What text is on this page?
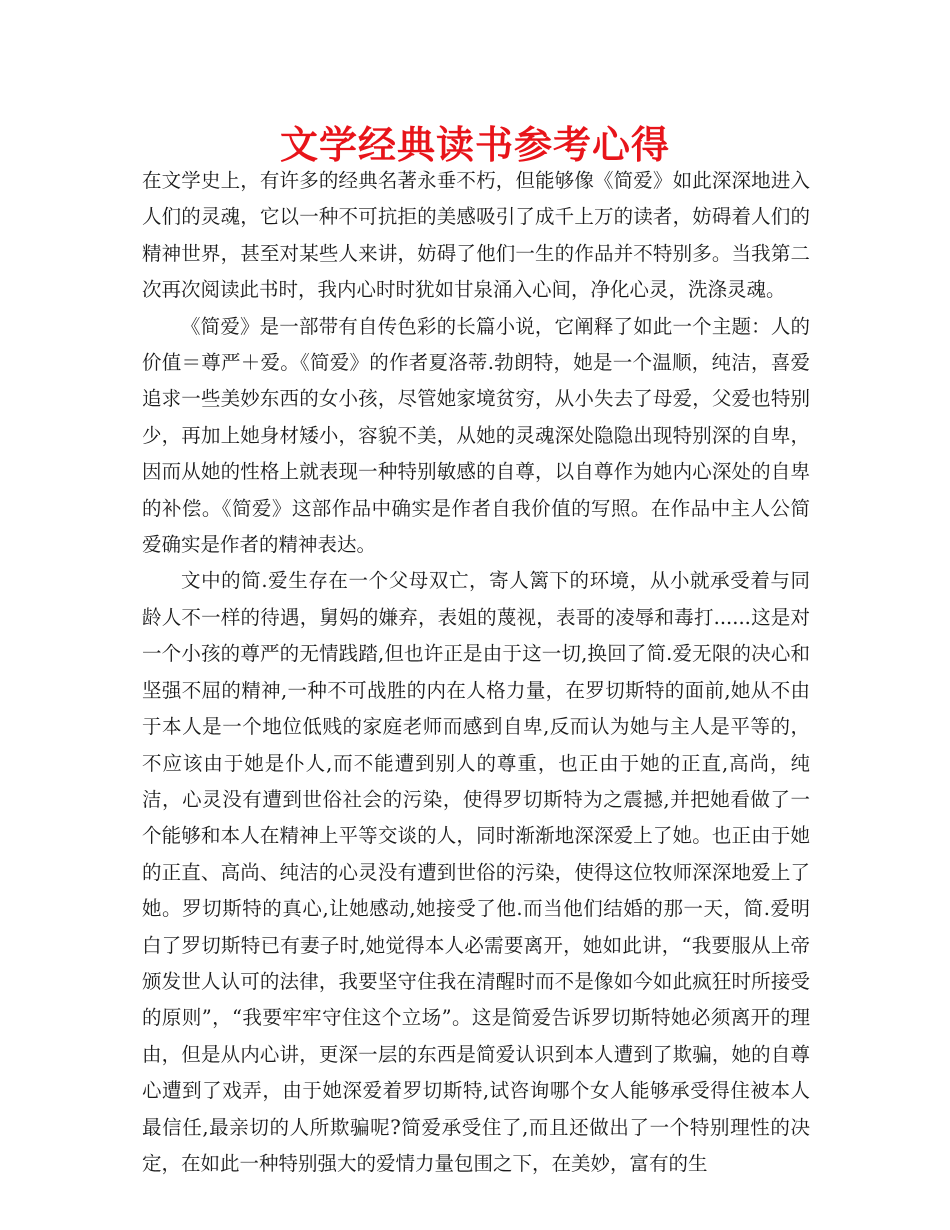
文学经典读书参考心得

在文学史上，有许多的经典名著永垂不朽，但能够像《简爱》如此深深地进入人们的灵魂，它以一种不可抗拒的美感吸引了成千上万的读者，妨碍着人们的精神世界，甚至对某些人来讲，妨碍了他们一生的作品并不特别多。当我第二次再次阅读此书时，我内心时时犹如甘泉涌入心间，净化心灵，洗涤灵魂。

《简爱》是一部带有自传色彩的长篇小说，它阐释了如此一个主题：人的价值＝尊严＋爱。《简爱》的作者夏洛蒂.勃朗特，她是一个温顺，纯洁，喜爱追求一些美妙东西的女小孩，尽管她家境贫穷，从小失去了母爱，父爱也特别少，再加上她身材矮小，容貌不美，从她的灵魂深处隐隐出现特别深的自卑，因而从她的性格上就表现一种特别敏感的自尊，以自尊作为她内心深处的自卑的补偿。《简爱》这部作品中确实是作者自我价值的写照。在作品中主人公简爱确实是作者的精神表达。

文中的简.爱生存在一个父母双亡，寄人篱下的环境，从小就承受着与同龄人不一样的待遇，舅妈的嫌弃，表姐的蔑视，表哥的凌辱和毒打......这是对一个小孩的尊严的无情践踏,但也许正是由于这一切,换回了简.爱无限的决心和坚强不屈的精神,一种不可战胜的内在人格力量，在罗切斯特的面前,她从不由于本人是一个地位低贱的家庭老师而感到自卑,反而认为她与主人是平等的，不应该由于她是仆人,而不能遭到别人的尊重，也正由于她的正直,高尚，纯洁，心灵没有遭到世俗社会的污染，使得罗切斯特为之震撼,并把她看做了一个能够和本人在精神上平等交谈的人，同时渐渐地深深爱上了她。也正由于她的正直、高尚、纯洁的心灵没有遭到世俗的污染，使得这位牧师深深地爱上了她。罗切斯特的真心,让她感动,她接受了他.而当他们结婚的那一天，简.爱明白了罗切斯特已有妻子时,她觉得本人必需要离开，她如此讲，“我要服从上帝颁发世人认可的法律，我要坚守住我在清醒时而不是像如今如此疯狂时所接受的原则”，“我要牢牢守住这个立场”。这是简爱告诉罗切斯特她必须离开的理由，但是从内心讲，更深一层的东西是简爱认识到本人遭到了欺骗，她的自尊心遭到了戏弄，由于她深爱着罗切斯特,试咨询哪个女人能够承受得住被本人最信任,最亲切的人所欺骗呢?简爱承受住了,而且还做出了一个特别理性的决定，在如此一种特别强大的爱情力量包围之下，在美妙，富有的生
